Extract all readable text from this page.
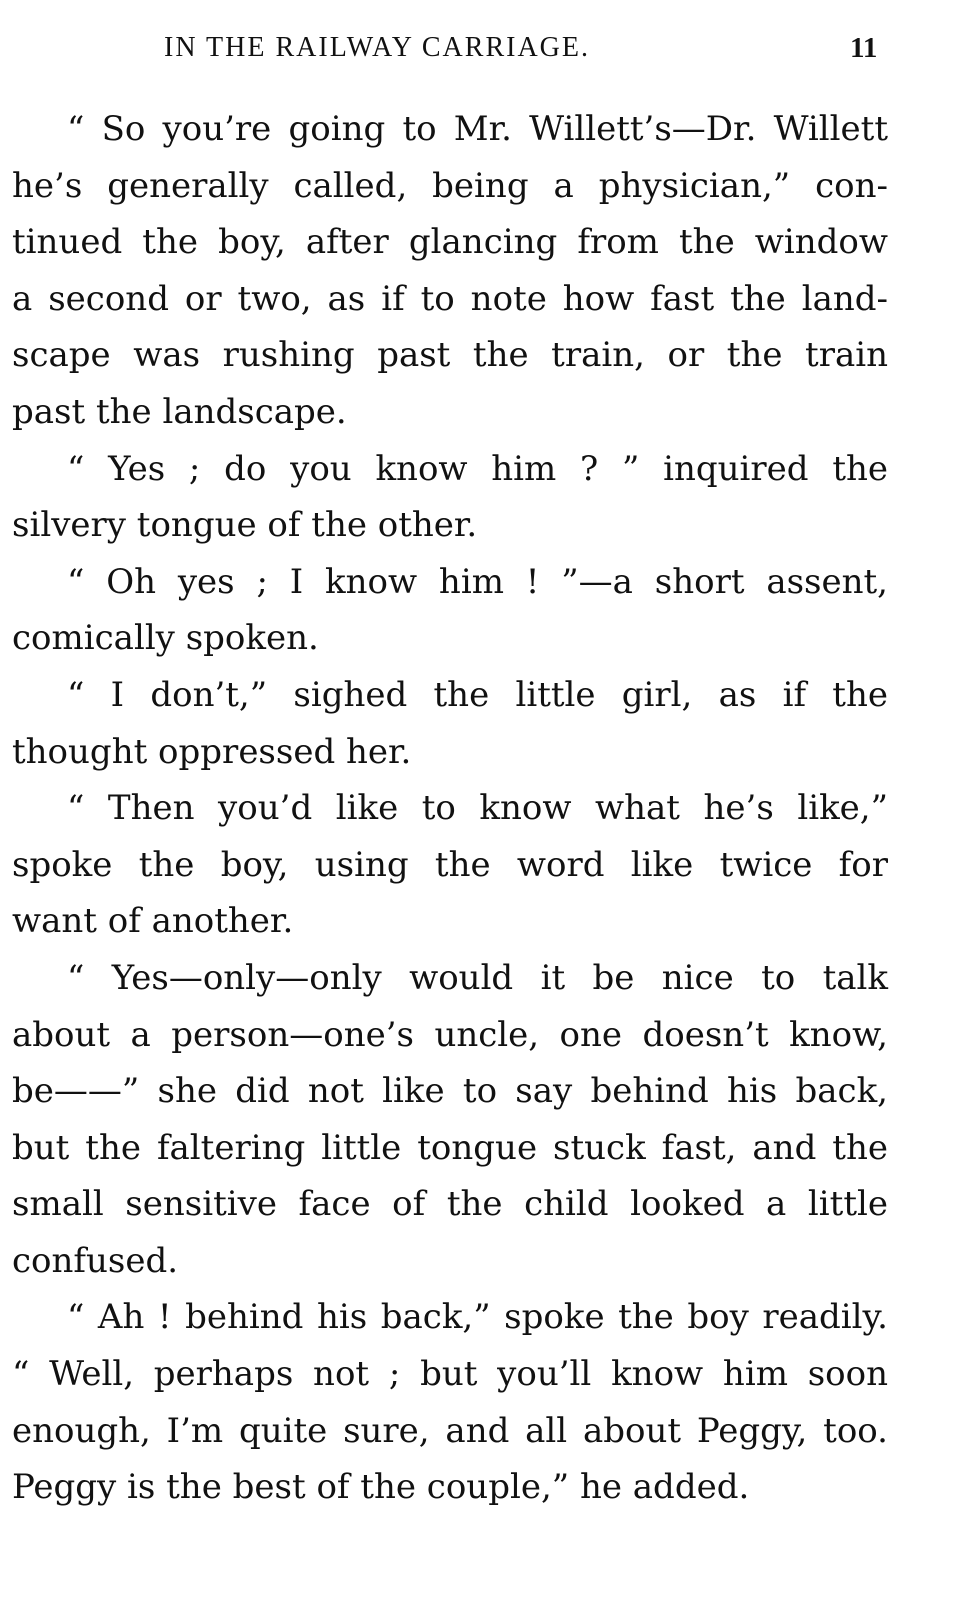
IN THE RAILWAY CARRIAGE.	11
“ So you’re going to Mr. Willett’s—Dr. Willett
he’s generally called, being a physician,” con-
tinued the boy, after glancing from the window
a second or two, as if to note how fast the land-
scape was rushing past the train, or the train
past the landscape.
“ Yes ; do you know him ? ” inquired the
silvery tongue of the other.
“ Oh yes ; I know him ! ”—a short assent,
comically spoken.
“ I don’t,” sighed the little girl, as if the
thought oppressed her.
“ Then you’d like to know what he’s like,”
spoke the boy, using the word like twice for
want of another.
“ Yes—only—only would it be nice to talk
about a person—one’s uncle, one doesn’t know,
be——” she did not like to say behind his back,
but the faltering little tongue stuck fast, and the
small sensitive face of the child looked a little
confused.
“ Ah ! behind his back,” spoke the boy readily.
“ Well, perhaps not ; but you’ll know him soon
enough, I’m quite sure, and all about Peggy, too.
Peggy is the best of the couple,” he added.
